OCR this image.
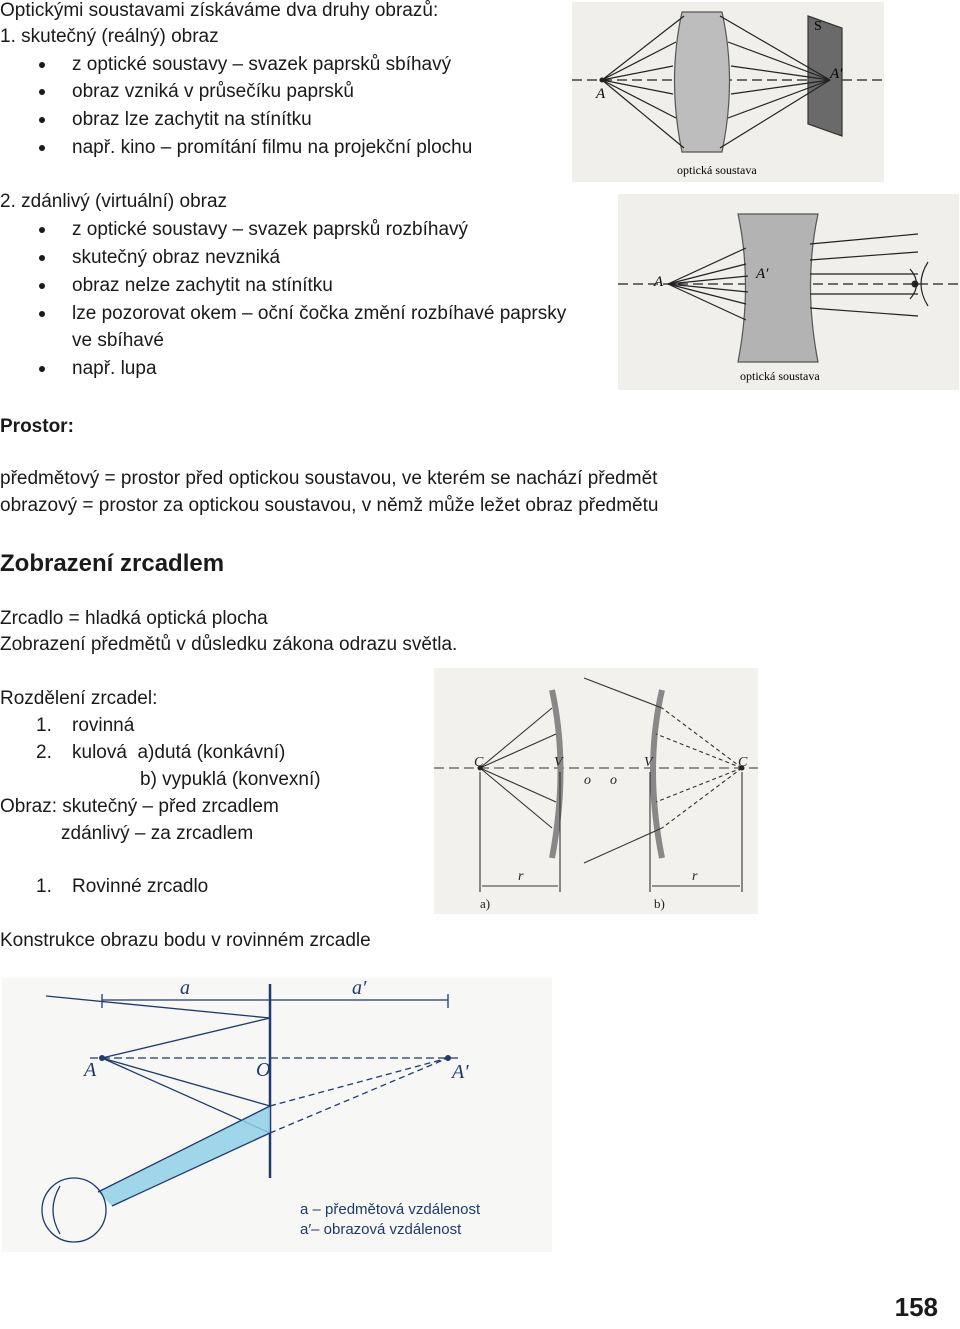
Optickými soustavami získáváme dva druhy obrazů:
1. skutečný (reálný) obraz
z optické soustavy – svazek paprsků sbíhavý
obraz vzniká v průsečíku paprsků
obraz lze zachytit na stínítku
např. kino – promítání filmu na projekční plochu
2. zdánlivý (virtuální) obraz
z optické soustavy – svazek paprsků rozbíhavý
skutečný obraz nevzniká
obraz nelze zachytit na stínítku
lze pozorovat okem – oční čočka změní rozbíhavé paprsky
ve sbíhavé
např. lupa
Prostor:
předmětový = prostor před optickou soustavou, ve kterém se nachází předmět
obrazový = prostor za optickou soustavou, v němž může ležet obraz předmětu
Zobrazení zrcadlem
Zrcadlo = hladká optická plocha
Zobrazení předmětů v důsledku zákona odrazu světla.
Rozdělení zrcadel:
1. rovinná
2. kulová  a)dutá (konkávní)
b) vypuklá (konvexní)
Obraz: skutečný – před zrcadlem
zdánlivý – za zrcadlem
1. Rovinné zrcadlo
Konstrukce obrazu bodu v rovinném zrcadle
A
A′
S
optická soustava
A	A′
optická soustava
C	V
o
V
o
C
r	r
a)	b)
a	a′
A	O	A′
a – předmětová vzdálenost
a′– obrazová vzdálenost
158
